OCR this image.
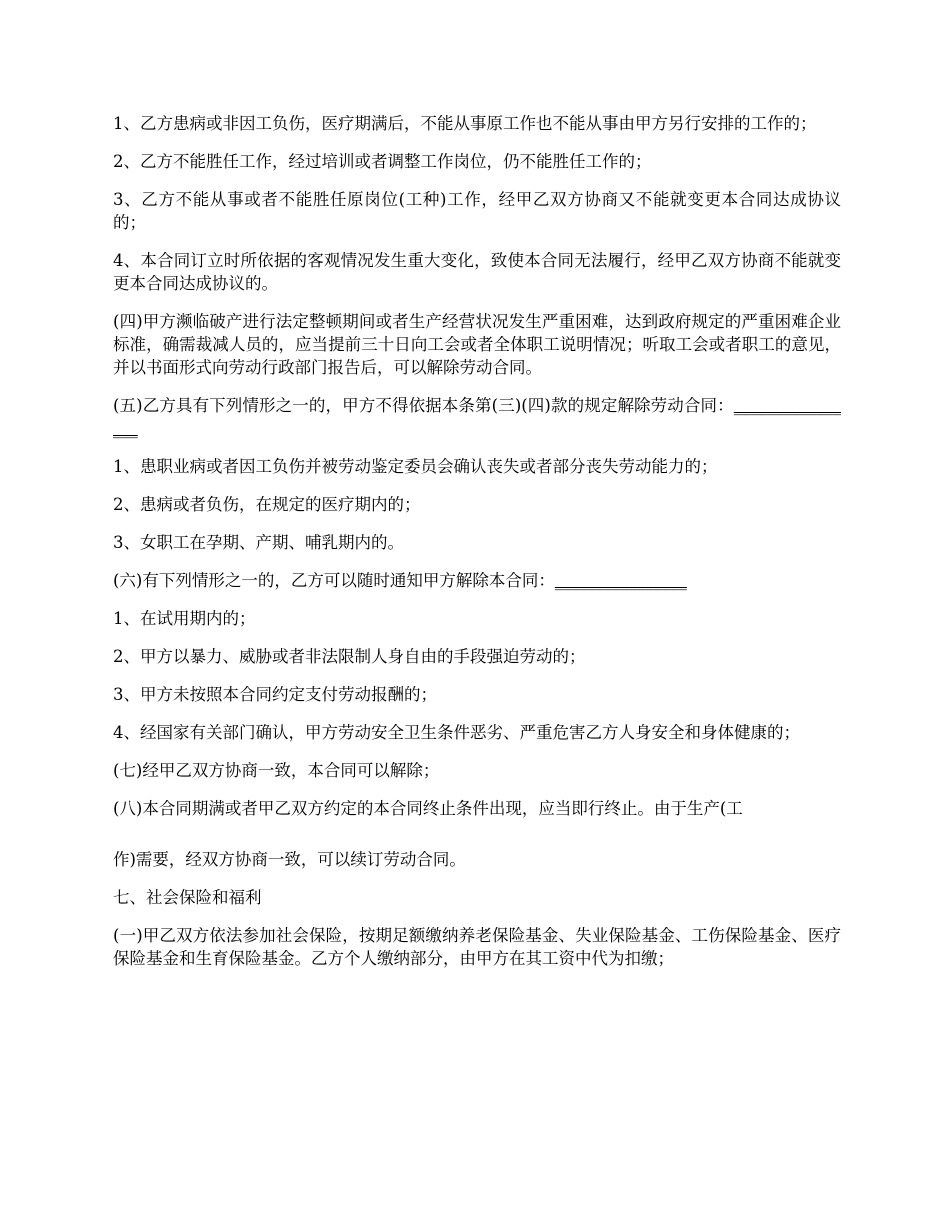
1、乙方患病或非因工负伤，医疗期满后，不能从事原工作也不能从事由甲方另行安排的工作的；

2、乙方不能胜任工作，经过培训或者调整工作岗位，仍不能胜任工作的；

3、乙方不能从事或者不能胜任原岗位(工种)工作，经甲乙双方协商又不能就变更本合同达成协议的；

4、本合同订立时所依据的客观情况发生重大变化，致使本合同无法履行，经甲乙双方协商不能就变更本合同达成协议的。

(四)甲方濒临破产进行法定整顿期间或者生产经营状况发生严重困难，达到政府规定的严重困难企业标准，确需裁减人员的，应当提前三十日向工会或者全体职工说明情况；听取工会或者职工的意见，并以书面形式向劳动行政部门报告后，可以解除劳动合同。

(五)乙方具有下列情形之一的，甲方不得依据本条第(三)(四)款的规定解除劳动合同：________________

1、患职业病或者因工负伤并被劳动鉴定委员会确认丧失或者部分丧失劳动能力的；

2、患病或者负伤，在规定的医疗期内的；

3、女职工在孕期、产期、哺乳期内的。

(六)有下列情形之一的，乙方可以随时通知甲方解除本合同：________________

1、在试用期内的；

2、甲方以暴力、威胁或者非法限制人身自由的手段强迫劳动的；

3、甲方未按照本合同约定支付劳动报酬的；

4、经国家有关部门确认，甲方劳动安全卫生条件恶劣、严重危害乙方人身安全和身体健康的；

(七)经甲乙双方协商一致，本合同可以解除；

(八)本合同期满或者甲乙双方约定的本合同终止条件出现，应当即行终止。由于生产(工

作)需要，经双方协商一致，可以续订劳动合同。

七、社会保险和福利

(一)甲乙双方依法参加社会保险，按期足额缴纳养老保险基金、失业保险基金、工伤保险基金、医疗保险基金和生育保险基金。乙方个人缴纳部分，由甲方在其工资中代为扣缴；
